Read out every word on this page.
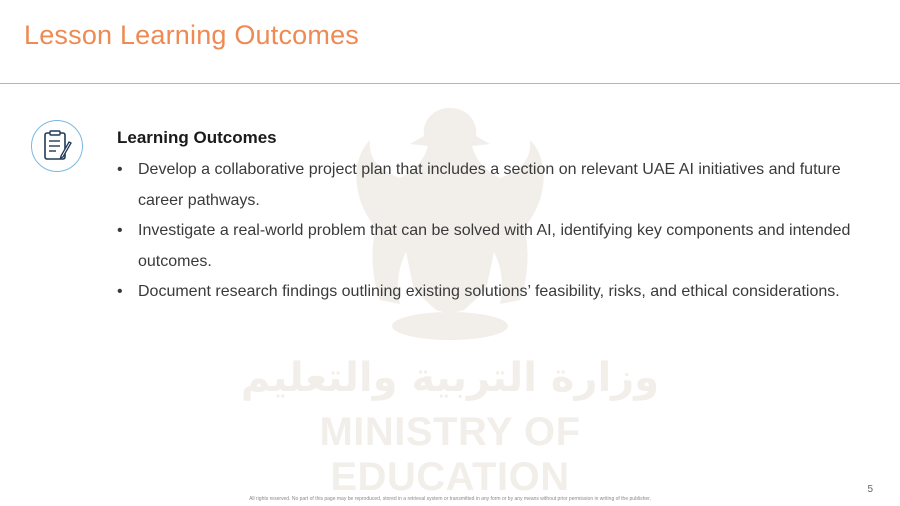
Lesson Learning Outcomes
وزارة التربية والتعليم
MINISTRY OF EDUCATION
Learning Outcomes
• Develop a collaborative project plan that includes a section on relevant UAE AI initiatives and future career pathways.
• Investigate a real-world problem that can be solved with AI, identifying key components and intended outcomes.
• Document research findings outlining existing solutions’ feasibility, risks, and ethical considerations.
5
All rights reserved. No part of this page may be reproduced, stored in a retrieval system or transmitted in any form or by any means without prior permission in writing of the publisher.
